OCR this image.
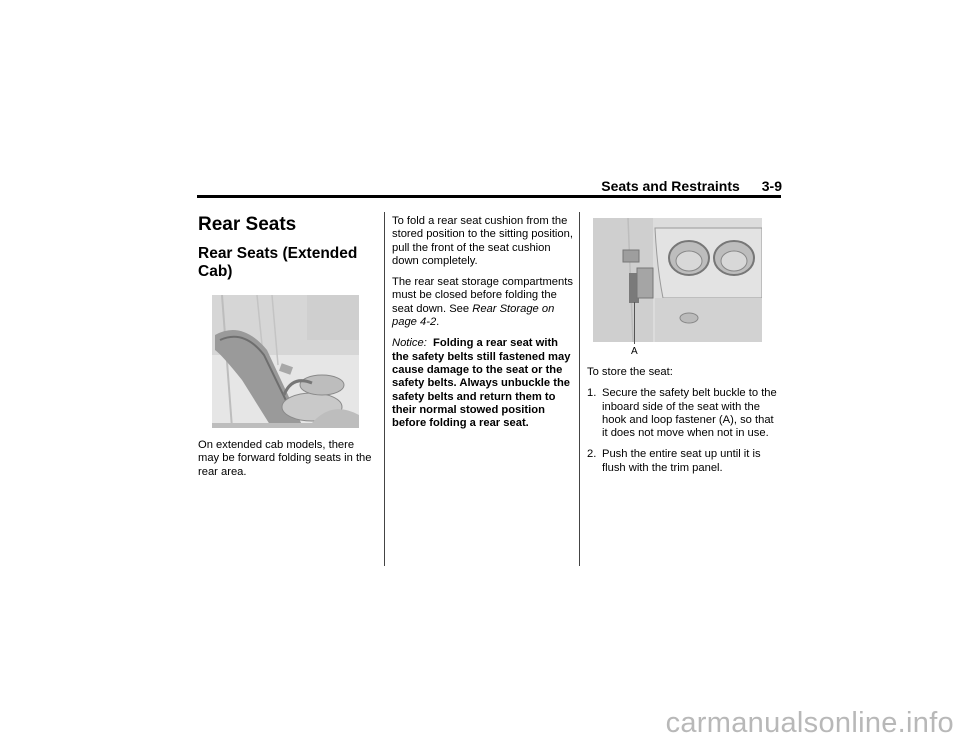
Seats and Restraints 3-9
Rear Seats
Rear Seats (Extended Cab)

On extended cab models, there may be forward folding seats in the rear area.

To fold a rear seat cushion from the stored position to the sitting position, pull the front of the seat cushion down completely.

The rear seat storage compartments must be closed before folding the seat down. See Rear Storage on page 4-2.

Notice: Folding a rear seat with the safety belts still fastened may cause damage to the seat or the safety belts. Always unbuckle the safety belts and return them to their normal stowed position before folding a rear seat.

A

To store the seat:

1. Secure the safety belt buckle to the inboard side of the seat with the hook and loop fastener (A), so that it does not move when not in use.
2. Push the entire seat up until it is flush with the trim panel.
carmanualsonline.info
